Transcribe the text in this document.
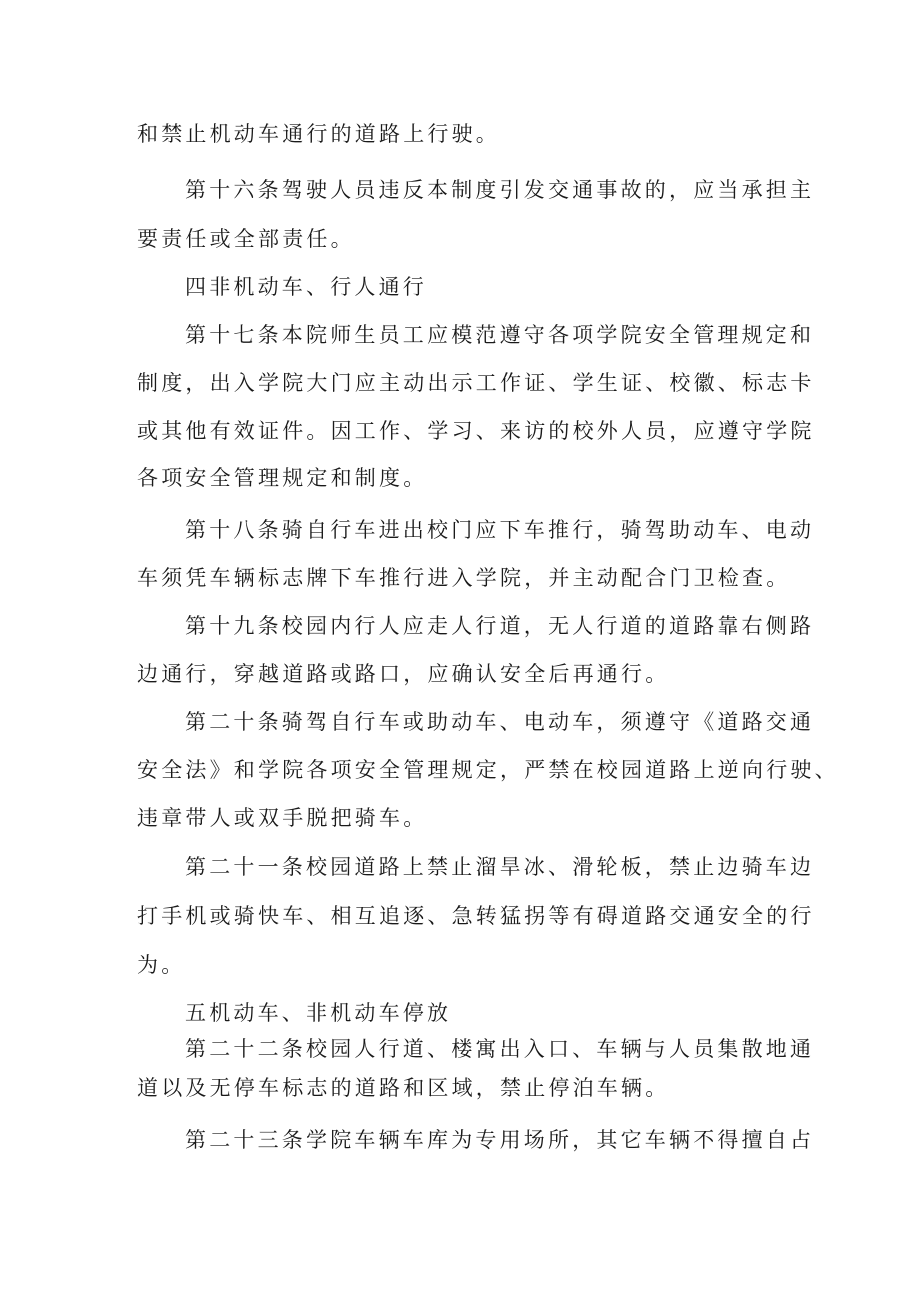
和禁止机动车通行的道路上行驶。
第十六条驾驶人员违反本制度引发交通事故的，应当承担主
要责任或全部责任。
四非机动车、行人通行
第十七条本院师生员工应模范遵守各项学院安全管理规定和
制度，出入学院大门应主动出示工作证、学生证、校徽、标志卡
或其他有效证件。因工作、学习、来访的校外人员，应遵守学院
各项安全管理规定和制度。
第十八条骑自行车进出校门应下车推行，骑驾助动车、电动
车须凭车辆标志牌下车推行进入学院，并主动配合门卫检查。
第十九条校园内行人应走人行道，无人行道的道路靠右侧路
边通行，穿越道路或路口，应确认安全后再通行。
第二十条骑驾自行车或助动车、电动车，须遵守《道路交通
安全法》和学院各项安全管理规定，严禁在校园道路上逆向行驶、
违章带人或双手脱把骑车。
第二十一条校园道路上禁止溜旱冰、滑轮板，禁止边骑车边
打手机或骑快车、相互追逐、急转猛拐等有碍道路交通安全的行
为。
五机动车、非机动车停放
第二十二条校园人行道、楼寓出入口、车辆与人员集散地通
道以及无停车标志的道路和区域，禁止停泊车辆。
第二十三条学院车辆车库为专用场所，其它车辆不得擅自占
